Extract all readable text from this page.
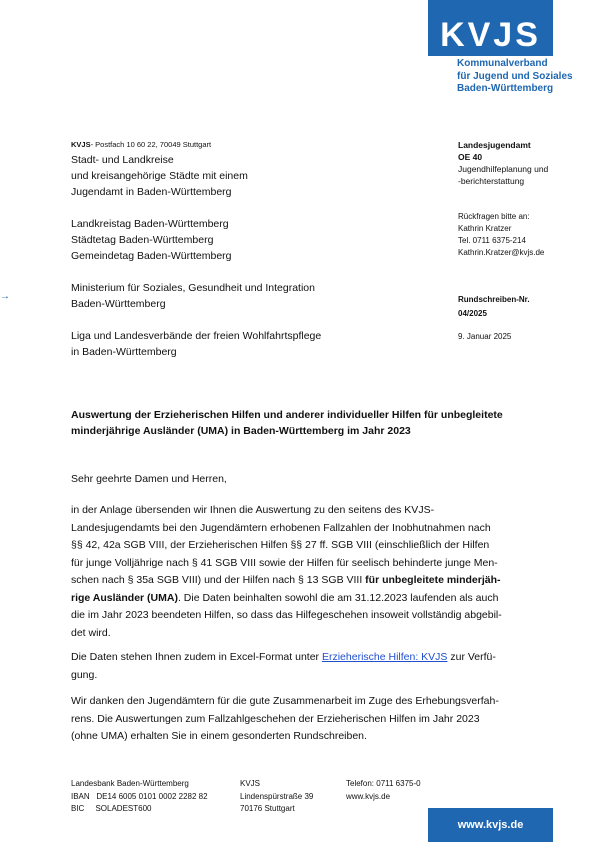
KVJS
Kommunalverband
für Jugend und Soziales
Baden-Württemberg
KVJS- Postfach 10 60 22, 70049 Stuttgart
Stadt- und Landkreise
und kreisangehörige Städte mit einem
Jugendamt in Baden-Württemberg
Landkreistag Baden-Württemberg
Städtetag Baden-Württemberg
Gemeindetag Baden-Württemberg
Ministerium für Soziales, Gesundheit und Integration
Baden-Württemberg
Liga und Landesverbände der freien Wohlfahrtspflege
in Baden-Württemberg
→
Landesjugendamt
OE 40
Jugendhilfeplanung und
-berichterstattung
Rückfragen bitte an:
Kathrin Kratzer
Tel. 0711 6375-214
Kathrin.Kratzer@kvjs.de
Rundschreiben-Nr.
04/2025
9. Januar 2025
Auswertung der Erzieherischen Hilfen und anderer individueller Hilfen für unbegleitete
minderjährige Ausländer (UMA) in Baden-Württemberg im Jahr 2023
Sehr geehrte Damen und Herren,
in der Anlage übersenden wir Ihnen die Auswertung zu den seitens des KVJS-
Landesjugendamts bei den Jugendämtern erhobenen Fallzahlen der Inobhutnahmen nach
§§ 42, 42a SGB VIII, der Erzieherischen Hilfen §§ 27 ff. SGB VIII (einschließlich der Hilfen
für junge Volljährige nach § 41 SGB VIII sowie der Hilfen für seelisch behinderte junge Men-
schen nach § 35a SGB VIII) und der Hilfen nach § 13 SGB VIII für unbegleitete minderjäh-
rige Ausländer (UMA). Die Daten beinhalten sowohl die am 31.12.2023 laufenden als auch
die im Jahr 2023 beendeten Hilfen, so dass das Hilfegeschehen insoweit vollständig abgebil-
det wird.
Die Daten stehen Ihnen zudem in Excel-Format unter Erzieherische Hilfen: KVJS zur Verfü-
gung.
Wir danken den Jugendämtern für die gute Zusammenarbeit im Zuge des Erhebungsverfah-
rens. Die Auswertungen zum Fallzahlgeschehen der Erzieherischen Hilfen im Jahr 2023
(ohne UMA) erhalten Sie in einem gesonderten Rundschreiben.
Landesbank Baden-Württemberg
IBAN   DE14 6005 0101 0002 2282 82
BIC     SOLADEST600
KVJS
Lindenspürstraße 39
70176 Stuttgart
Telefon: 0711 6375-0
www.kvjs.de
www.kvjs.de
